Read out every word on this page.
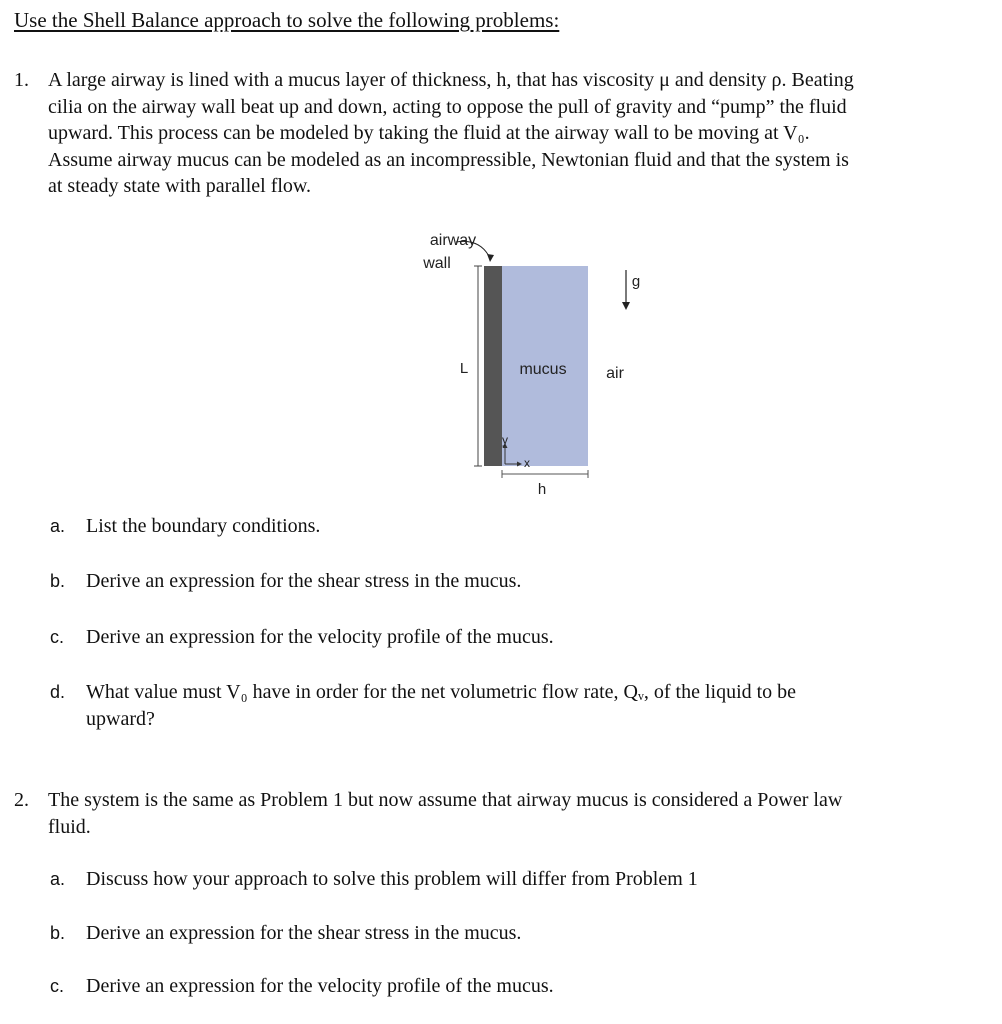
Use the Shell Balance approach to solve the following problems:
1. A large airway is lined with a mucus layer of thickness, h, that has viscosity μ and density ρ. Beating
cilia on the airway wall beat up and down, acting to oppose the pull of gravity and “pump” the fluid
upward. This process can be modeled by taking the fluid at the airway wall to be moving at V₀.
Assume airway mucus can be modeled as an incompressible, Newtonian fluid and that the system is
at steady state with parallel flow.
airway
wall
L	mucus air
g
y
x
h
a. List the boundary conditions.
b. Derive an expression for the shear stress in the mucus.
c. Derive an expression for the velocity profile of the mucus.
d. What value must V₀ have in order for the net volumetric flow rate, Qᵥ, of the liquid to be
upward?
2. The system is the same as Problem 1 but now assume that airway mucus is considered a Power law
fluid.
a. Discuss how your approach to solve this problem will differ from Problem 1
b. Derive an expression for the shear stress in the mucus.
c. Derive an expression for the velocity profile of the mucus.
